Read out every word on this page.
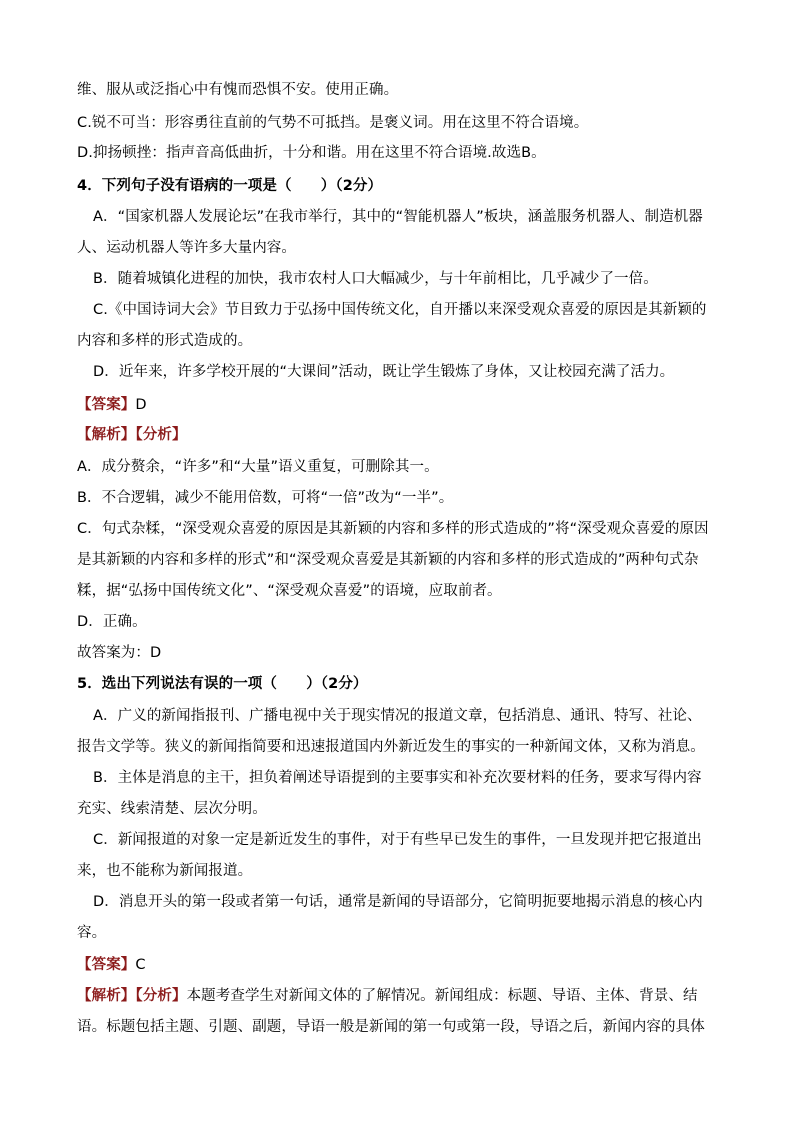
维、服从或泛指心中有愧而恐惧不安。使用正确。
C.锐不可当：形容勇往直前的气势不可抵挡。是褒义词。用在这里不符合语境。
D.抑扬顿挫：指声音高低曲折，十分和谐。用在这里不符合语境.故选B。
4．下列句子没有语病的一项是（　　）（2分）
A．“国家机器人发展论坛”在我市举行，其中的“智能机器人”板块，涵盖服务机器人、制造机器
人、运动机器人等许多大量内容。
B．随着城镇化进程的加快，我市农村人口大幅减少，与十年前相比，几乎减少了一倍。
C.《中国诗词大会》节目致力于弘扬中国传统文化，自开播以来深受观众喜爱的原因是其新颖的
内容和多样的形式造成的。
D．近年来，许多学校开展的“大课间”活动，既让学生锻炼了身体，又让校园充满了活力。
【答案】D
【解析】【分析】
A．成分赘余，“许多”和“大量”语义重复，可删除其一。
B．不合逻辑，减少不能用倍数，可将“一倍”改为“一半”。
C．句式杂糅，“深受观众喜爱的原因是其新颖的内容和多样的形式造成的”将“深受观众喜爱的原因
是其新颖的内容和多样的形式”和“深受观众喜爱是其新颖的内容和多样的形式造成的”两种句式杂
糅，据“弘扬中国传统文化”、“深受观众喜爱”的语境，应取前者。
D．正确。
故答案为：D
5．选出下列说法有误的一项（　　）（2分）
A．广义的新闻指报刊、广播电视中关于现实情况的报道文章，包括消息、通讯、特写、社论、
报告文学等。狭义的新闻指简要和迅速报道国内外新近发生的事实的一种新闻文体，又称为消息。
B．主体是消息的主干，担负着阐述导语提到的主要事实和补充次要材料的任务，要求写得内容
充实、线索清楚、层次分明。
C．新闻报道的对象一定是新近发生的事件，对于有些早已发生的事件，一旦发现并把它报道出
来，也不能称为新闻报道。
D．消息开头的第一段或者第一句话，通常是新闻的导语部分，它简明扼要地揭示消息的核心内
容。
【答案】C
【解析】【分析】本题考查学生对新闻文体的了解情况。新闻组成：标题、导语、主体、背景、结
语。标题包括主题、引题、副题，导语一般是新闻的第一句或第一段，导语之后，新闻内容的具体
